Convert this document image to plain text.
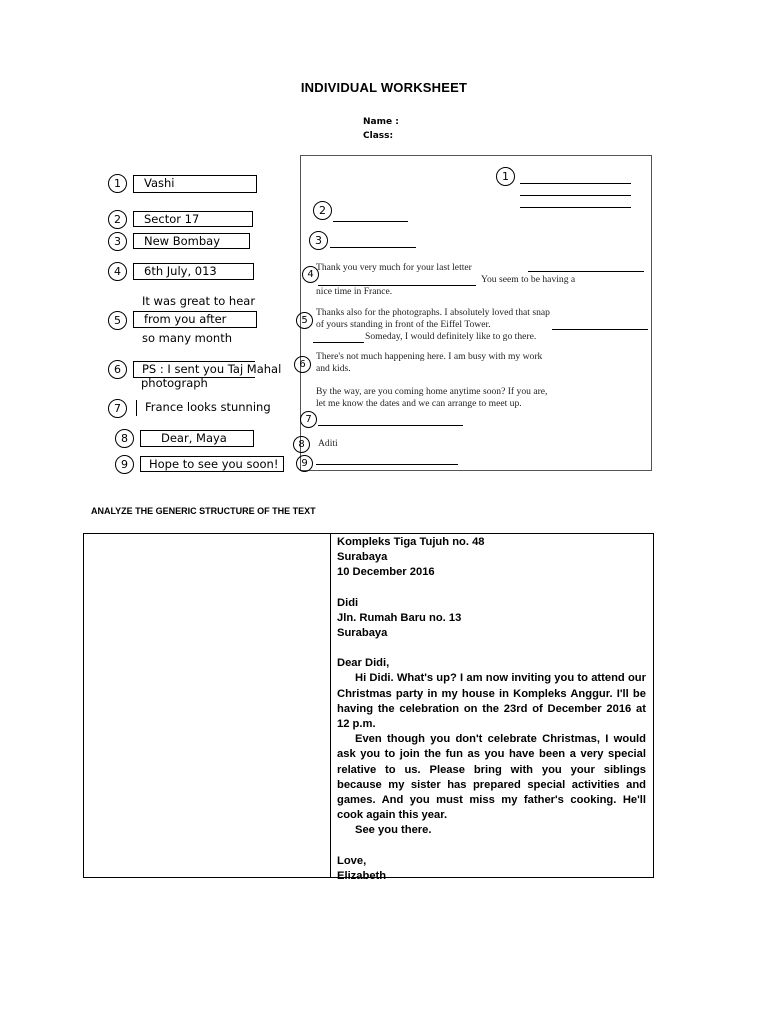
INDIVIDUAL WORKSHEET
Name :
Class:
1	Vashi
2	Sector 17
3	New Bombay
4	6th July, 013
It was great to hear
5	from you after
so many month
6	PS : I sent you Taj Mahal
photograph
7	France looks stunning
8	Dear, Maya
9	Hope to see you soon!
1
2
3
4
Thank you very much for your last letter
You seem to be having a
nice time in France.
5
Thanks also for the photographs. I absolutely loved that snap
of yours standing in front of the Eiffel Tower.
Someday, I would definitely like to go there.
6
There's not much happening here. I am busy with my work
and kids.
By the way, are you coming home anytime soon? If you are,
let me know the dates and we can arrange to meet up.
7
8	Aditi
9
ANALYZE THE GENERIC STRUCTURE OF THE TEXT

Kompleks Tiga Tujuh no. 48

Surabaya

10 December 2016

Didi

Jln. Rumah Baru no. 13

Surabaya

Dear Didi,

Hi Didi. What's up? I am now inviting you to attend our Christmas party in my house in Kompleks Anggur. I'll be having the celebration on the 23rd of December 2016 at 12 p.m.

Even though you don't celebrate Christmas, I would ask you to join the fun as you have been a very special relative to us. Please bring with you your siblings because my sister has prepared special activities and games. And you must miss my father's cooking. He'll cook again this year.

See you there.

Love,

Elizabeth
